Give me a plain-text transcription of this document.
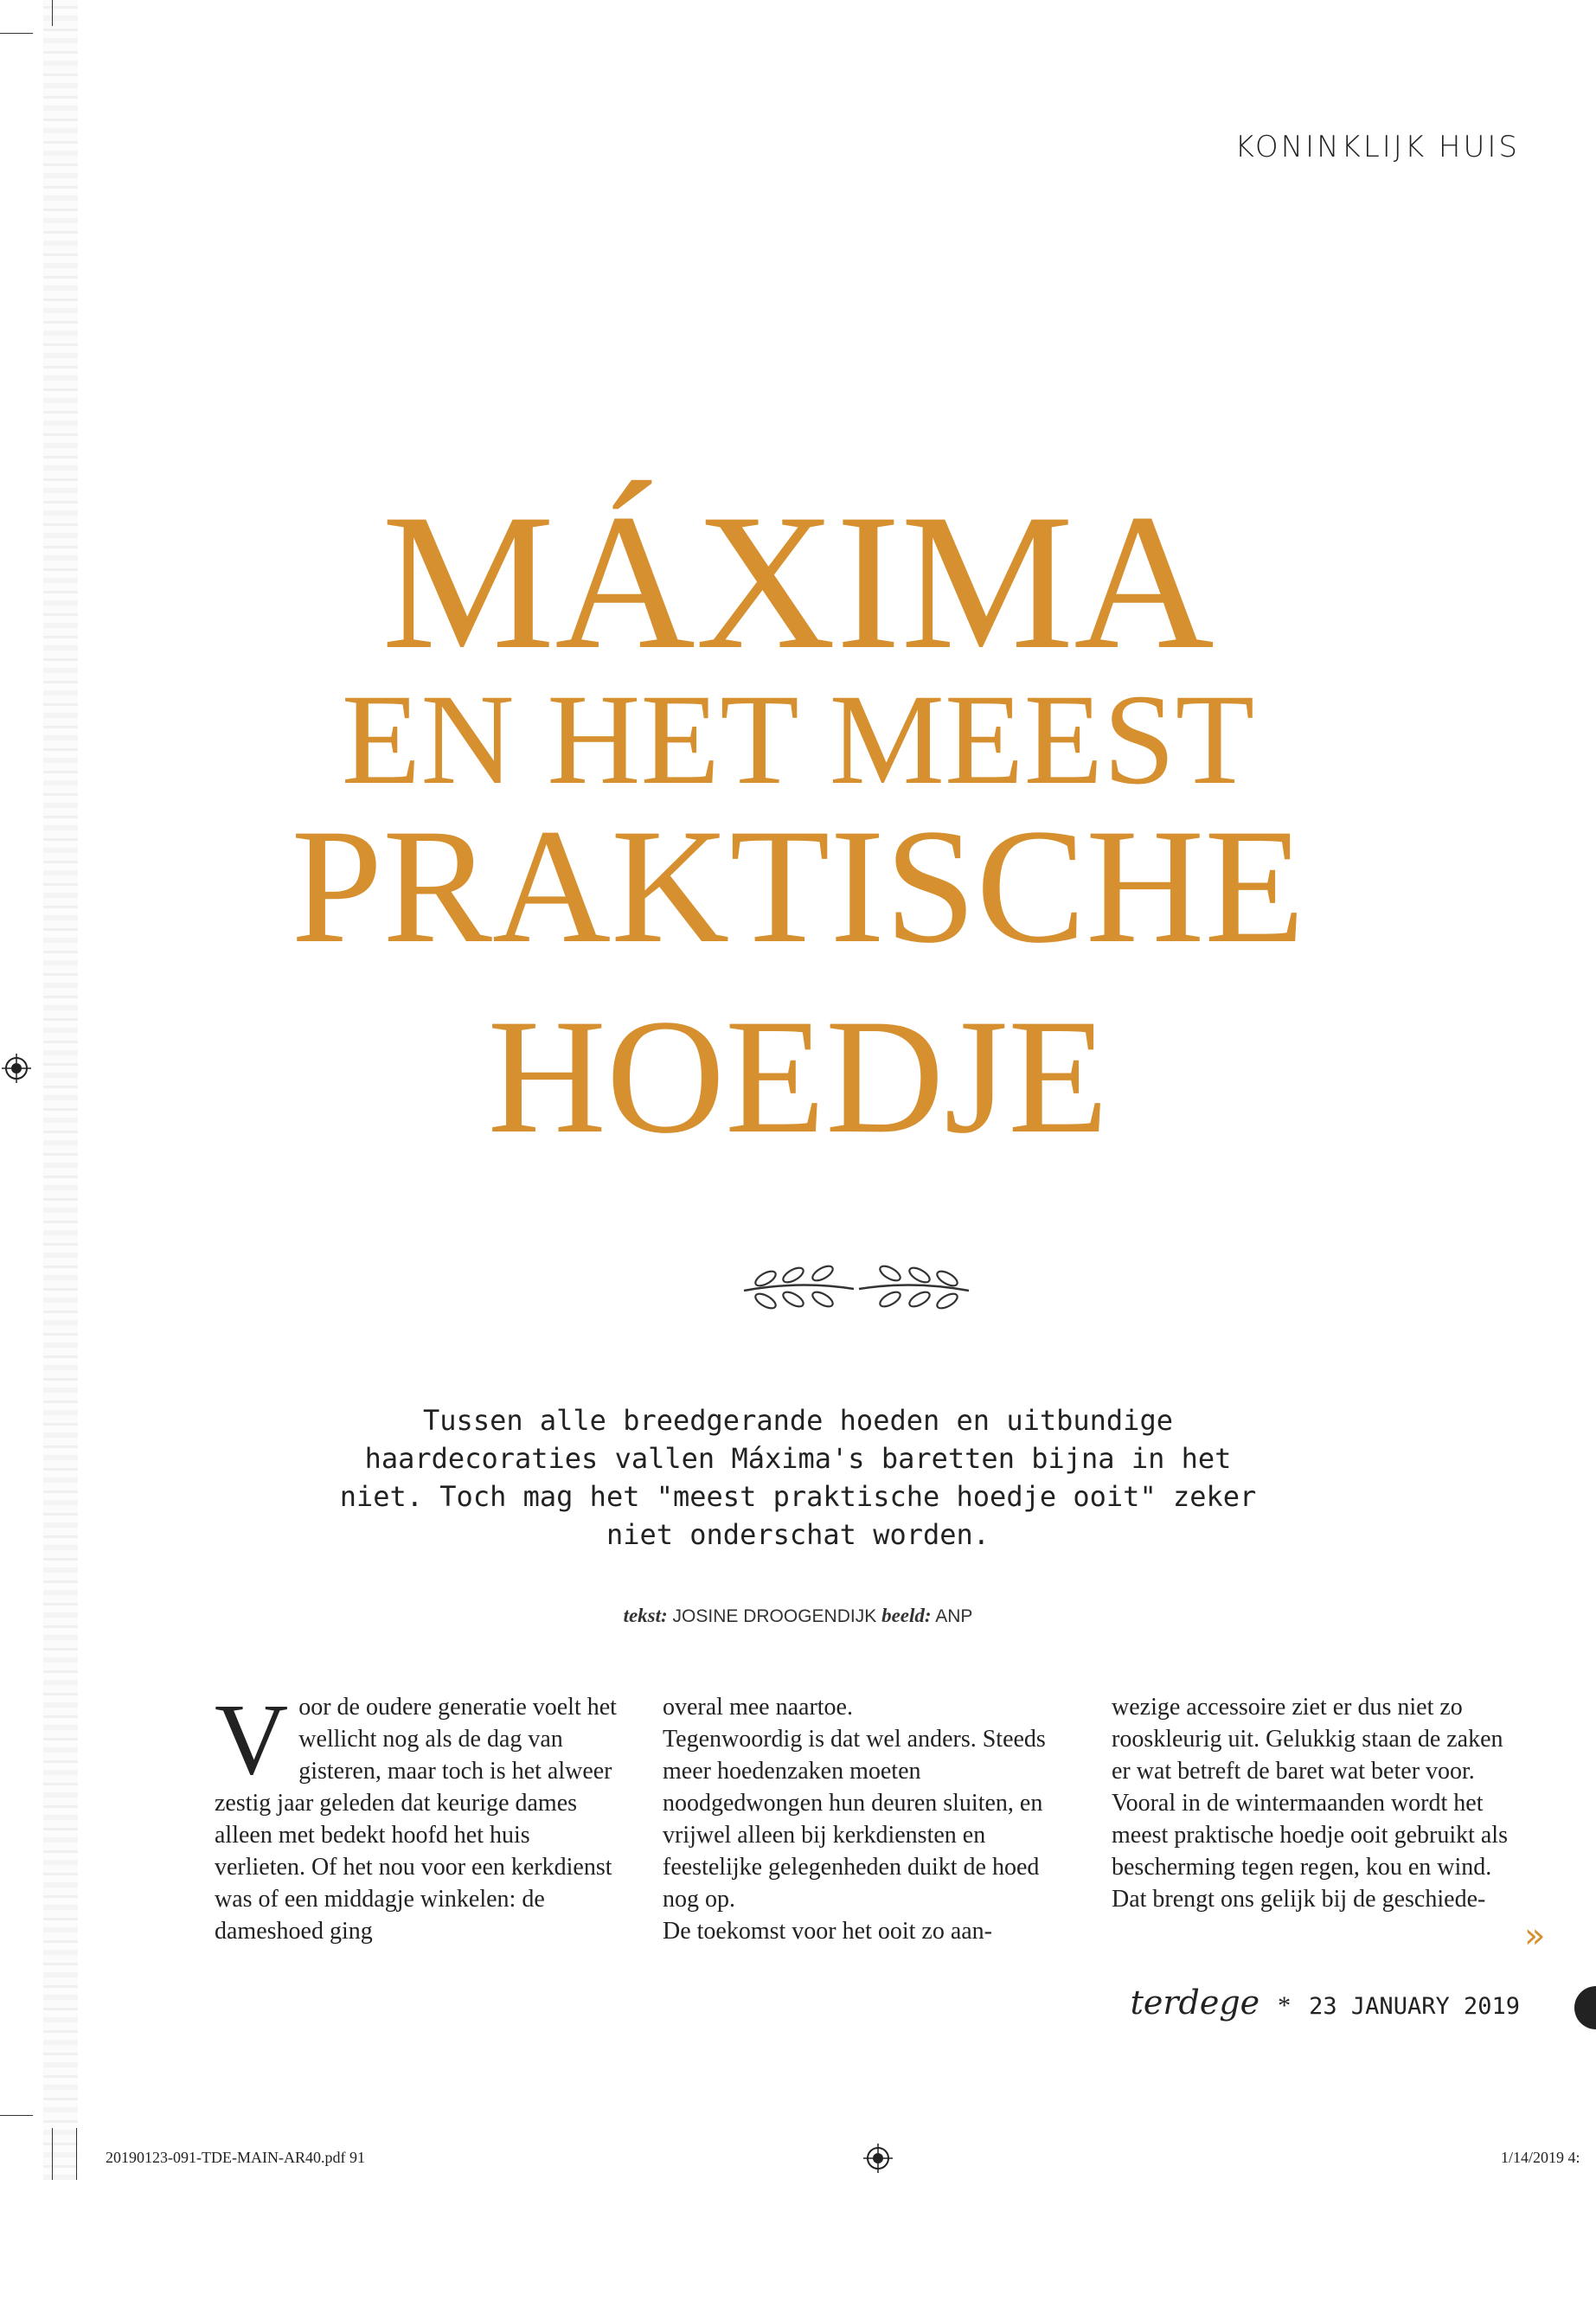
KONINKLIJK HUIS
MÁXIMA
EN HET MEEST
PRAKTISCHE
HOEDJE
Tussen alle breedgerande hoeden en uitbundige haardecoraties vallen Máxima's baretten bijna in het niet. Toch mag het "meest praktische hoedje ooit" zeker niet onderschat worden.
tekst: JOSINE DROOGENDIJK beeld: ANP
V oor de oudere generatie voelt het wellicht nog als de dag van gisteren, maar toch is het alweer zestig jaar geleden dat keurige dames alleen met bedekt hoofd het huis verlieten. Of het nou voor een kerkdienst was of een middagje winkelen: de dameshoed ging

overal mee naartoe.

Tegenwoordig is dat wel anders. Steeds meer hoedenzaken moeten noodgedwongen hun deuren sluiten, en vrijwel alleen bij kerkdiensten en feestelijke gelegenheden duikt de hoed nog op.

De toekomst voor het ooit zo aan-

wezige accessoire ziet er dus niet zo rooskleurig uit. Gelukkig staan de zaken er wat betreft de baret wat beter voor. Vooral in de wintermaanden wordt het meest praktische hoedje ooit gebruikt als bescherming tegen regen, kou en wind.

Dat brengt ons gelijk bij de geschiede-

»
terdege * 23 JANUARY 2019
20190123-091-TDE-MAIN-AR40.pdf 91	1/14/2019 4:
